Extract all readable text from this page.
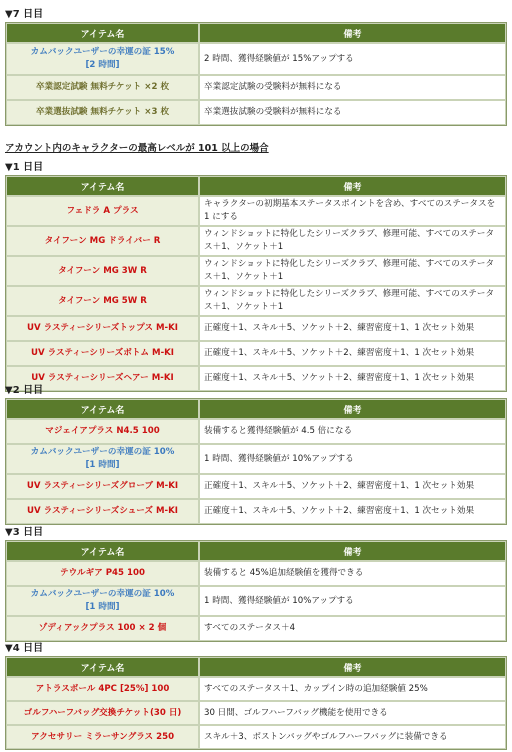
▼7 日目
アイテム名	備考
カムバックユーザーの幸運の証 15%
[2 時間]	2 時間、獲得経験値が 15%アップする
卒業認定試験 無料チケット ×2 枚	卒業認定試験の受験料が無料になる
卒業選抜試験 無料チケット ×3 枚	卒業選抜試験の受験料が無料になる
アカウント内のキャラクターの最高レベルが 101 以上の場合
▼1 日目
アイテム名	備考
フェドラ A プラス	キャラクターの初期基本ステータスポイントを含め、すべてのステータスを 1 にする
タイフーン MG ドライバー R	ウィンドショットに特化したシリーズクラブ、修理可能、すべてのステータス＋1、ソケット＋1
タイフーン MG 3W R	ウィンドショットに特化したシリーズクラブ、修理可能、すべてのステータス＋1、ソケット＋1
タイフーン MG 5W R	ウィンドショットに特化したシリーズクラブ、修理可能、すべてのステータス＋1、ソケット＋1
UV ラスティーシリーズトップス M-KI	正確度＋1、スキル＋5、ソケット＋2、練習密度＋1、1 次セット効果
UV ラスティーシリーズボトム M-KI	正確度＋1、スキル＋5、ソケット＋2、練習密度＋1、1 次セット効果
UV ラスティーシリーズヘアー M-KI	正確度＋1、スキル＋5、ソケット＋2、練習密度＋1、1 次セット効果
▼2 日目
アイテム名	備考
マジェイアプラス N4.5 100	装備すると獲得経験値が 4.5 倍になる
カムバックユーザーの幸運の証 10%
[1 時間]	1 時間、獲得経験値が 10%アップする
UV ラスティーシリーズグローブ M-KI	正確度＋1、スキル＋5、ソケット＋2、練習密度＋1、1 次セット効果
UV ラスティーシリーズシューズ M-KI	正確度＋1、スキル＋5、ソケット＋2、練習密度＋1、1 次セット効果
▼3 日目
アイテム名	備考
テウルギア P45 100	装備すると 45%追加経験値を獲得できる
カムバックユーザーの幸運の証 10%
[1 時間]	1 時間、獲得経験値が 10%アップする
ゾディアックプラス 100 × 2 個	すべてのステータス＋4
▼4 日目
アイテム名	備考
アトラスボール 4PC [25%] 100	すべてのステータス＋1、カップイン時の追加経験値 25%
ゴルフハーフバッグ交換チケット(30 日)	30 日間、ゴルフハーフバッグ機能を使用できる
アクセサリー ミラーサングラス 250	スキル＋3、ボストンバッグやゴルフハーフバッグに装備できる
